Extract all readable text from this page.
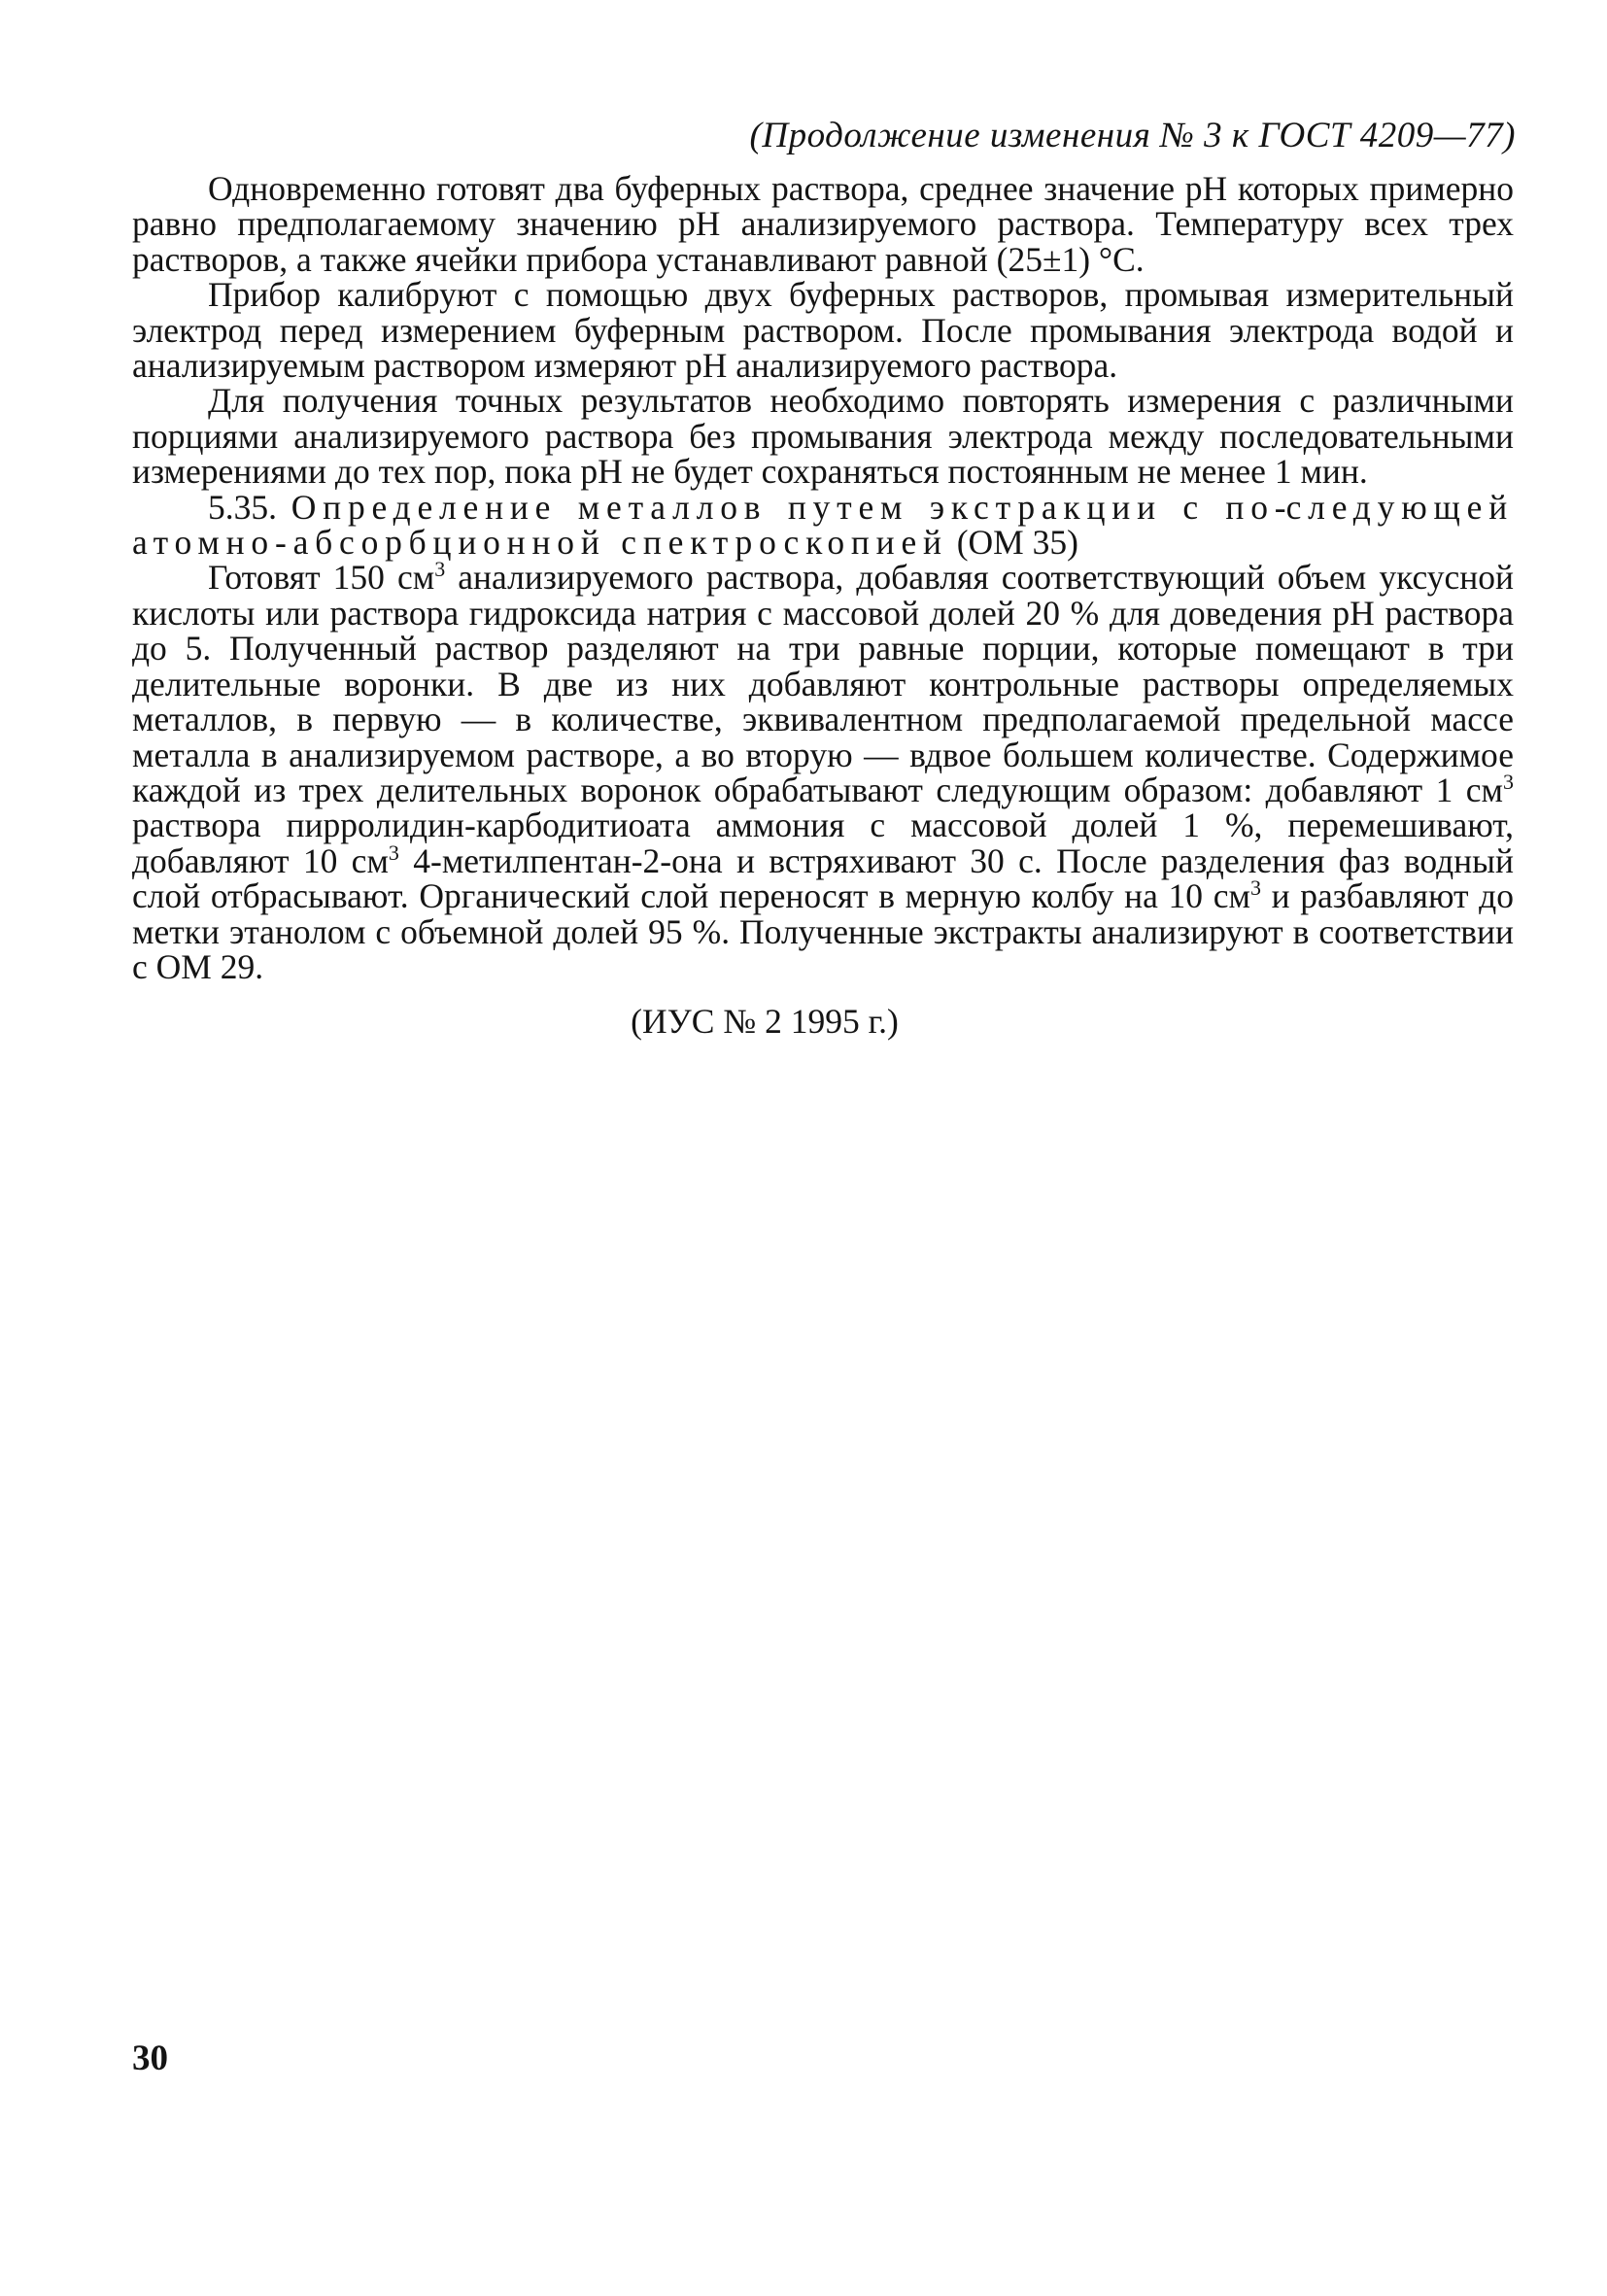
(Продолжение изменения № 3 к ГОСТ 4209—77)

Одновременно готовят два буферных раствора, среднее значение pH которых примерно равно предполагаемому значению pH анализируемого раствора. Температуру всех трех растворов, а также ячейки прибора устанавливают равной (25±1) °С.

Прибор калибруют с помощью двух буферных растворов, промывая измерительный электрод перед измерением буферным раствором. После промывания электрода водой и анализируемым раствором измеряют pH анализируемого раствора.

Для получения точных результатов необходимо повторять измерения с различными порциями анализируемого раствора без промывания электрода между последовательными измерениями до тех пор, пока pH не будет сохраняться постоянным не менее 1 мин.

5.35. Определение металлов путем экстракции с по‑следующей атомно-абсорбционной спектроскопией (ОМ 35)

Готовят 150 $см^3$ анализируемого раствора, добавляя соответствующий объем уксусной кислоты или раствора гидроксида натрия с массовой долей 20 % для доведения pH раствора до 5. Полученный раствор разделяют на три равные порции, которые помещают в три делительные воронки. В две из них добавляют контрольные растворы определяемых металлов, в первую — в количестве, эквивалентном предполагаемой предельной массе металла в анализируемом растворе, а во вторую — вдвое большем количестве. Содержимое каждой из трех делительных воронок обрабатывают следующим образом: добавляют 1 $см^3$ раствора пирролидин-карбодитиоата аммония с массовой долей 1 %, перемешивают, добавляют 10 $см^3$ 4-метилпентан-2-она и встряхивают 30 с. После разделения фаз водный слой отбрасывают. Органический слой переносят в мерную колбу на 10 $см^3$ и разбавляют до метки этанолом с объемной долей 95 %. Полученные экстракты анализируют в соответствии с ОМ 29.

(ИУС № 2 1995 г.)

30
